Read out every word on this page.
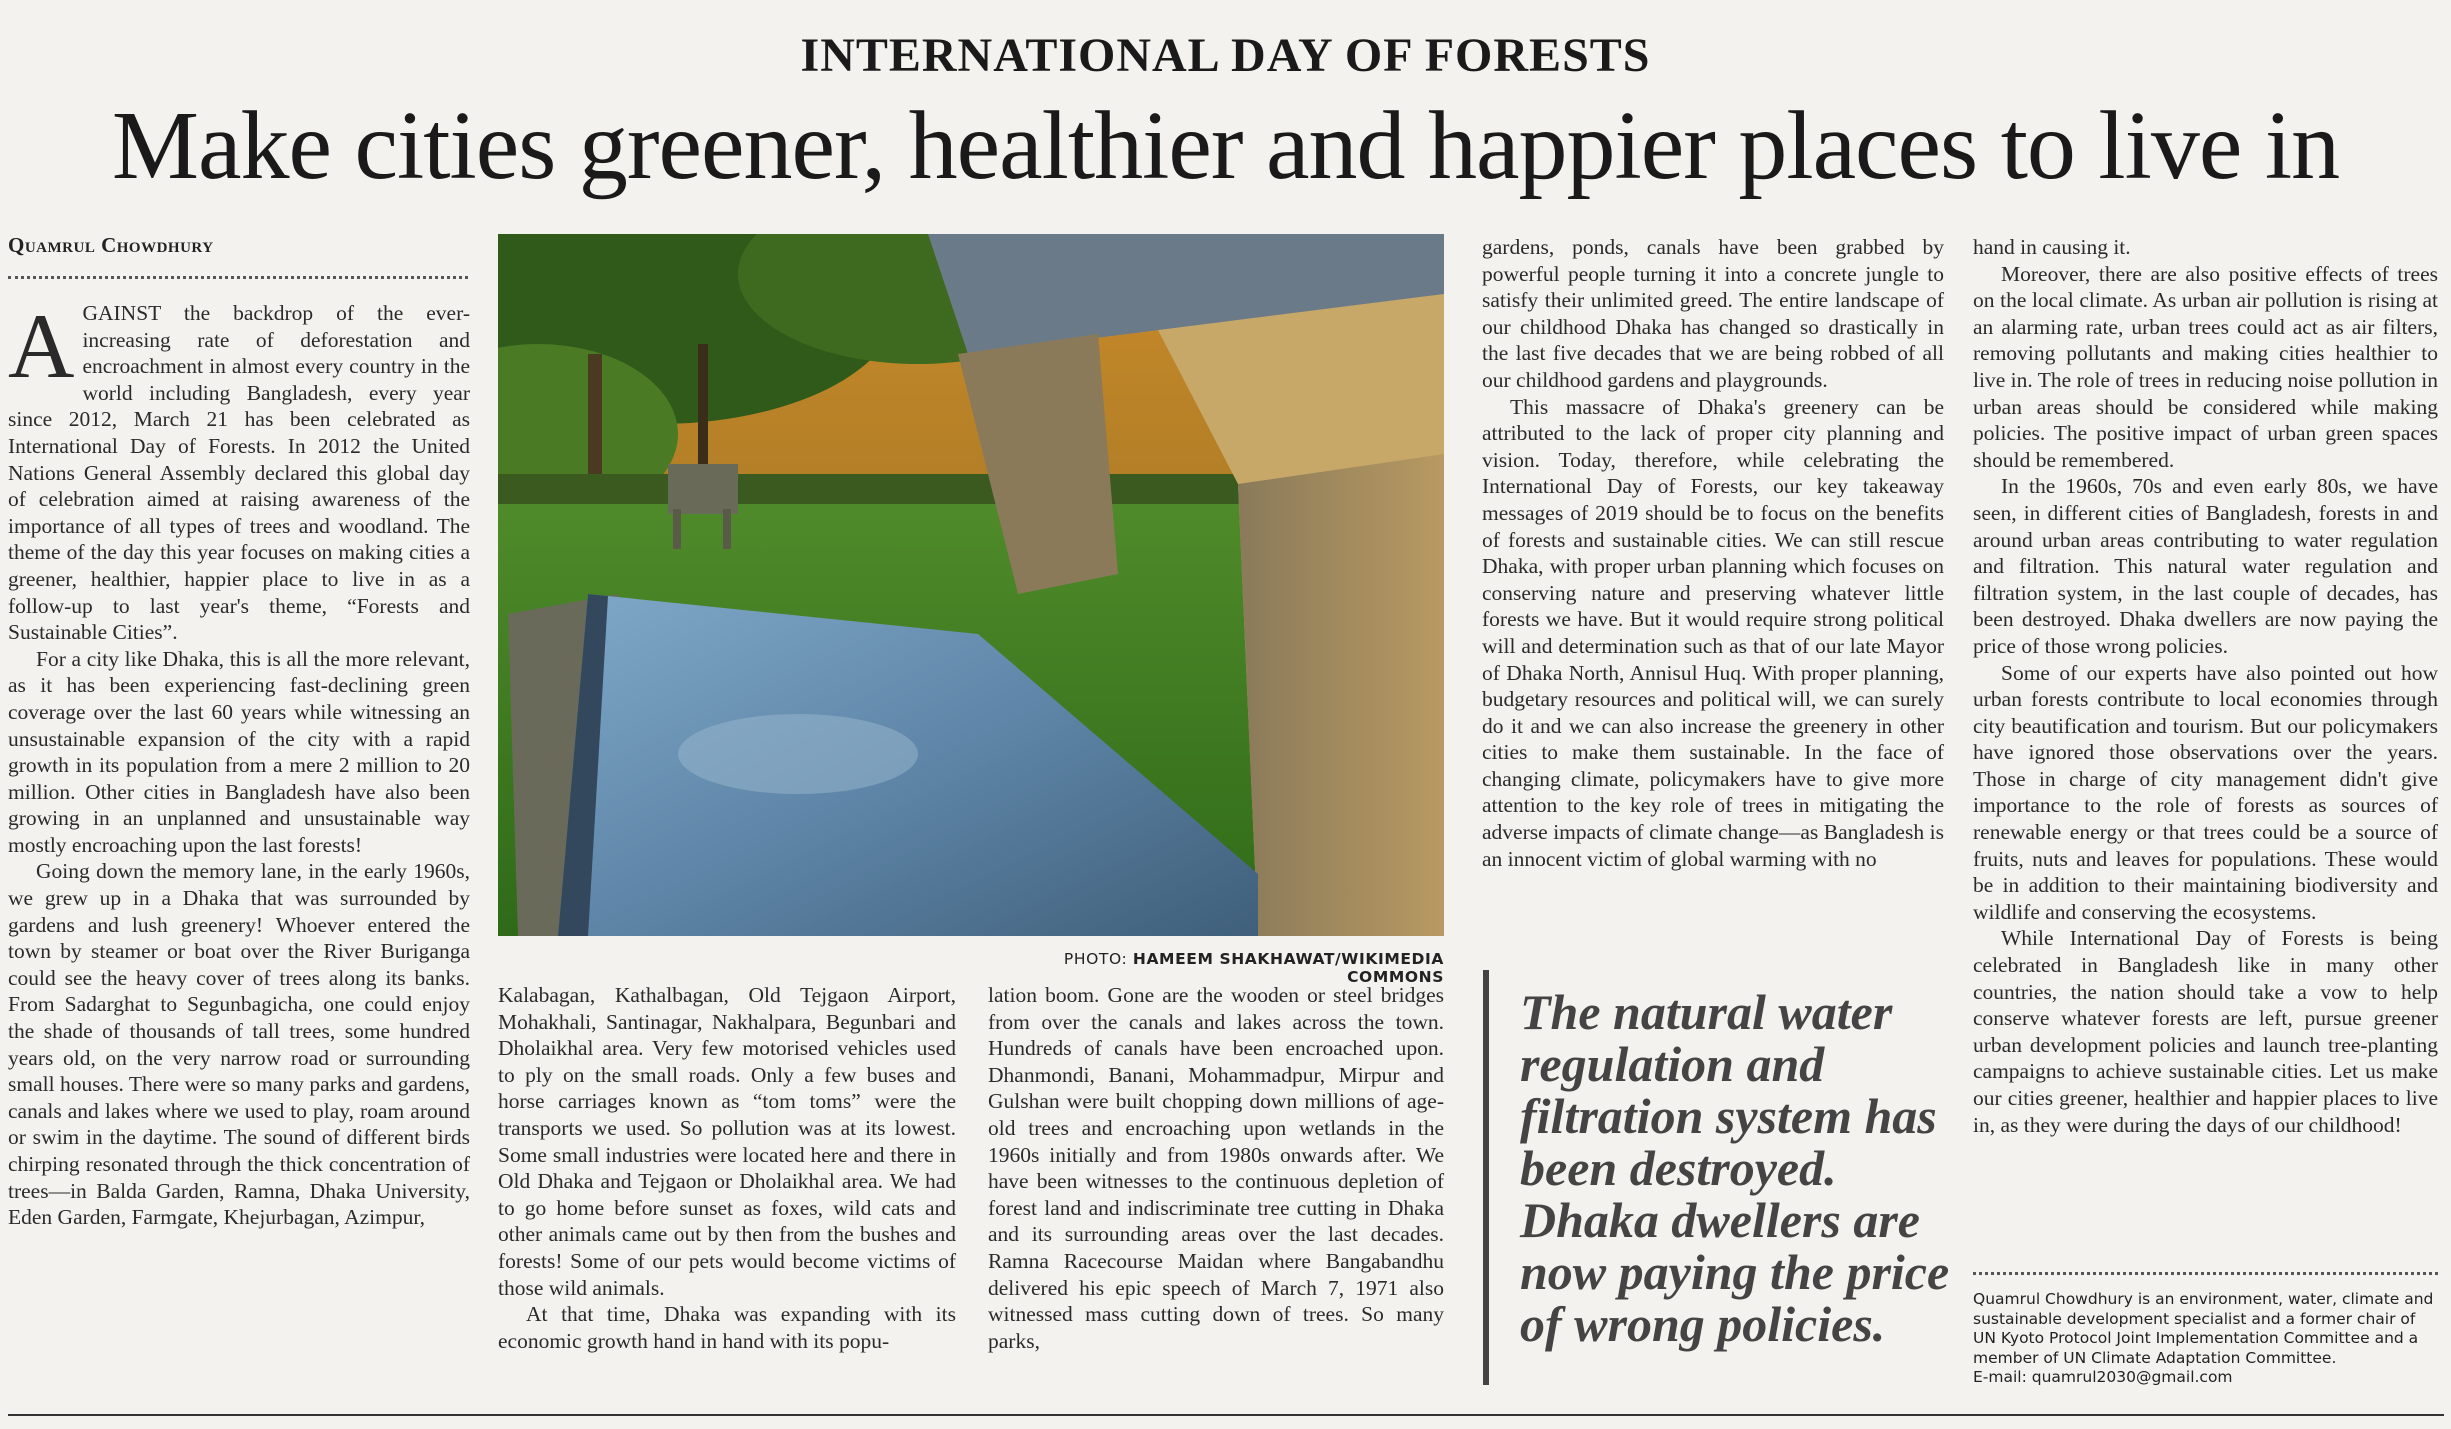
INTERNATIONAL DAY OF FORESTS
Make cities greener, healthier and happier places to live in
Quamrul Chowdhury

AGAINST the backdrop of the ever-increasing rate of deforestation and encroachment in almost every country in the world including Bangladesh, every year since 2012, March 21 has been celebrated as International Day of Forests. In 2012 the United Nations General Assembly declared this global day of celebration aimed at raising awareness of the importance of all types of trees and woodland. The theme of the day this year focuses on making cities a greener, healthier, happier place to live in as a follow-up to last year's theme, “Forests and Sustainable Cities”.

For a city like Dhaka, this is all the more relevant, as it has been experiencing fast-declining green coverage over the last 60 years while witnessing an unsustainable expansion of the city with a rapid growth in its population from a mere 2 million to 20 million. Other cities in Bangladesh have also been growing in an unplanned and unsustainable way mostly encroaching upon the last forests!

Going down the memory lane, in the early 1960s, we grew up in a Dhaka that was surrounded by gardens and lush greenery! Whoever entered the town by steamer or boat over the River Buriganga could see the heavy cover of trees along its banks. From Sadarghat to Segunbagicha, one could enjoy the shade of thousands of tall trees, some hundred years old, on the very narrow road or surrounding small houses. There were so many parks and gardens, canals and lakes where we used to play, roam around or swim in the daytime. The sound of different birds chirping resonated through the thick concentration of trees—in Balda Garden, Ramna, Dhaka University, Eden Garden, Farmgate, Khejurbagan, Azimpur,

PHOTO: HAMEEM SHAKHAWAT/WIKIMEDIA COMMONS

Kalabagan, Kathalbagan, Old Tejgaon Airport, Mohakhali, Santinagar, Nakhalpara, Begunbari and Dholaikhal area. Very few motorised vehicles used to ply on the small roads. Only a few buses and horse carriages known as “tom toms” were the transports we used. So pollution was at its lowest. Some small industries were located here and there in Old Dhaka and Tejgaon or Dholaikhal area. We had to go home before sunset as foxes, wild cats and other animals came out by then from the bushes and forests! Some of our pets would become victims of those wild animals.

At that time, Dhaka was expanding with its economic growth hand in hand with its popu-

lation boom. Gone are the wooden or steel bridges from over the canals and lakes across the town. Hundreds of canals have been encroached upon. Dhanmondi, Banani, Mohammadpur, Mirpur and Gulshan were built chopping down millions of age-old trees and encroaching upon wetlands in the 1960s initially and from 1980s onwards after. We have been witnesses to the continuous depletion of forest land and indiscriminate tree cutting in Dhaka and its surrounding areas over the last decades. Ramna Racecourse Maidan where Bangabandhu delivered his epic speech of March 7, 1971 also witnessed mass cutting down of trees. So many parks,

gardens, ponds, canals have been grabbed by powerful people turning it into a concrete jungle to satisfy their unlimited greed. The entire landscape of our childhood Dhaka has changed so drastically in the last five decades that we are being robbed of all our childhood gardens and playgrounds.

This massacre of Dhaka's greenery can be attributed to the lack of proper city planning and vision. Today, therefore, while celebrating the International Day of Forests, our key takeaway messages of 2019 should be to focus on the benefits of forests and sustainable cities. We can still rescue Dhaka, with proper urban planning which focuses on conserving nature and preserving whatever little forests we have. But it would require strong political will and determination such as that of our late Mayor of Dhaka North, Annisul Huq. With proper planning, budgetary resources and political will, we can surely do it and we can also increase the greenery in other cities to make them sustainable. In the face of changing climate, policymakers have to give more attention to the key role of trees in mitigating the adverse impacts of climate change—as Bangladesh is an innocent victim of global warming with no

The natural water regulation and filtration system has been destroyed. Dhaka dwellers are now paying the price of wrong policies.

hand in causing it.

Moreover, there are also positive effects of trees on the local climate. As urban air pollution is rising at an alarming rate, urban trees could act as air filters, removing pollutants and making cities healthier to live in. The role of trees in reducing noise pollution in urban areas should be considered while making policies. The positive impact of urban green spaces should be remembered.

In the 1960s, 70s and even early 80s, we have seen, in different cities of Bangladesh, forests in and around urban areas contributing to water regulation and filtration. This natural water regulation and filtration system, in the last couple of decades, has been destroyed. Dhaka dwellers are now paying the price of those wrong policies.

Some of our experts have also pointed out how urban forests contribute to local economies through city beautification and tourism. But our policymakers have ignored those observations over the years. Those in charge of city management didn't give importance to the role of forests as sources of renewable energy or that trees could be a source of fruits, nuts and leaves for populations. These would be in addition to their maintaining biodiversity and wildlife and conserving the ecosystems.

While International Day of Forests is being celebrated in Bangladesh like in many other countries, the nation should take a vow to help conserve whatever forests are left, pursue greener urban development policies and launch tree-planting campaigns to achieve sustainable cities. Let us make our cities greener, healthier and happier places to live in, as they were during the days of our childhood!

Quamrul Chowdhury is an environment, water, climate and sustainable development specialist and a former chair of UN Kyoto Protocol Joint Implementation Committee and a member of UN Climate Adaptation Committee.
E-mail: quamrul2030@gmail.com
